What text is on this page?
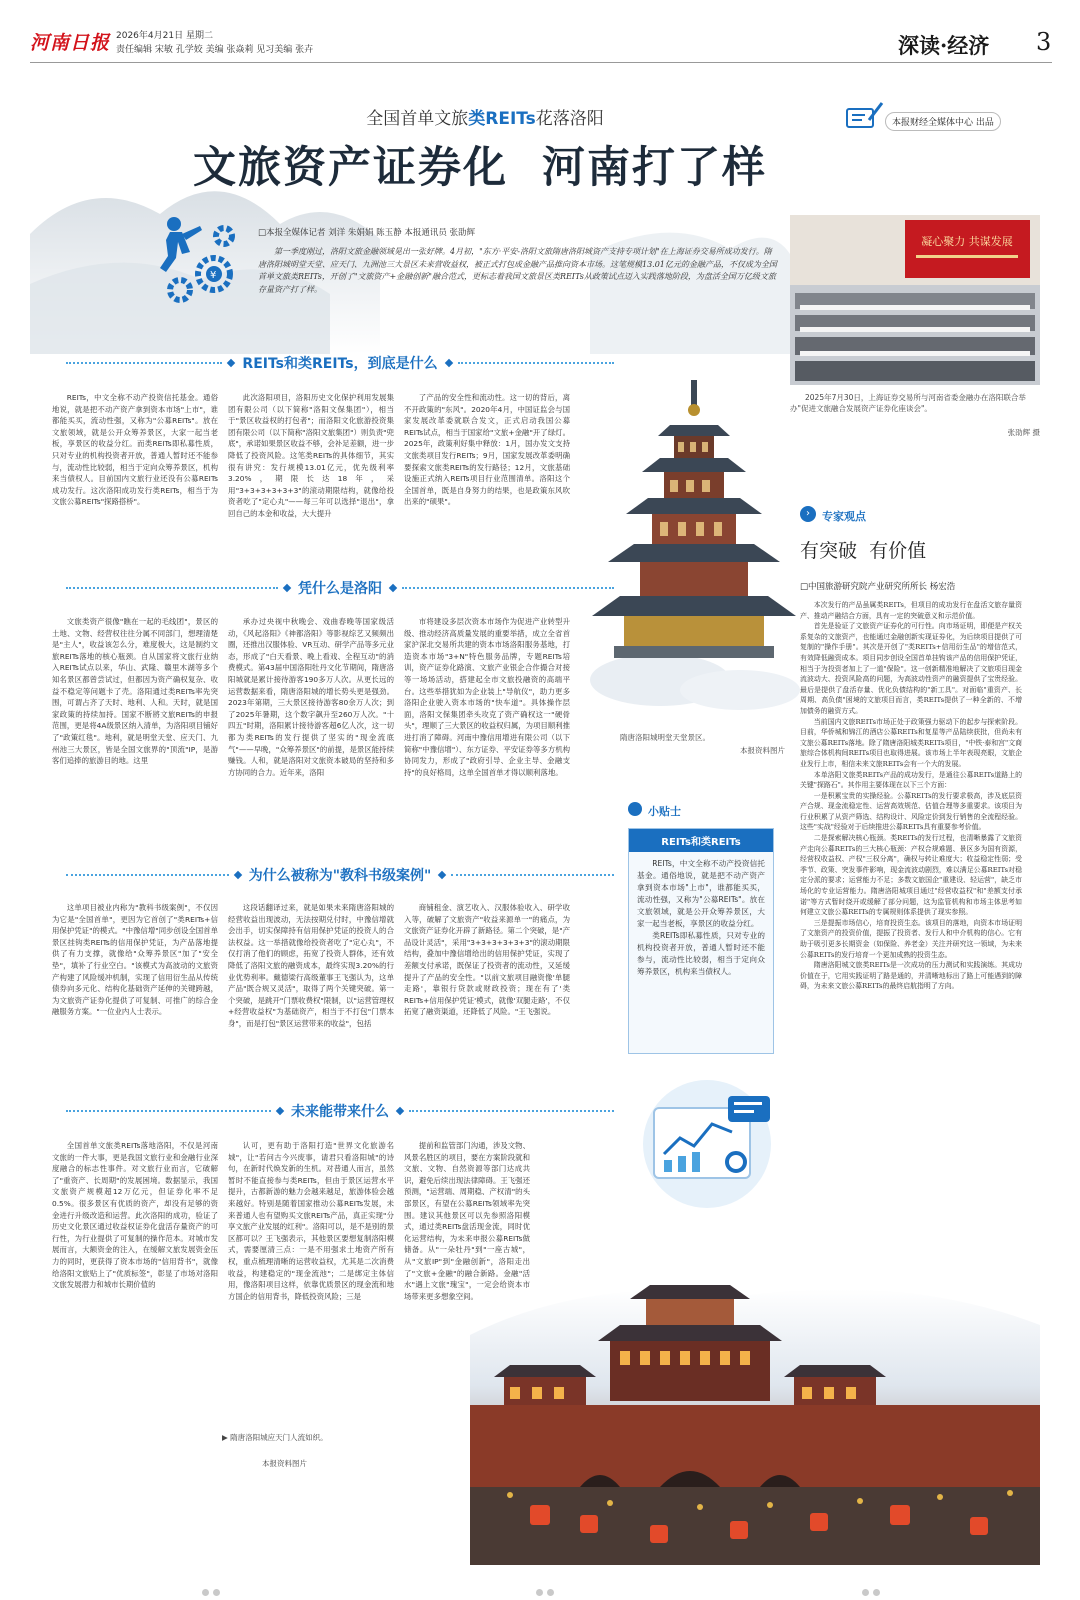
河南日报 2026年4月21日 星期二
责任编辑 宋敏 孔学姣 美编 张焱莉 见习美编 张卉	深读·经济 3
全国首单文旅类REITs花落洛阳
文旅资产证券化  河南打了样
本报财经全媒体中心 出品
¥
□本报全媒体记者 刘洋 朱娟娟 陈玉静 本报通讯员 张劭辉
第一季度刚过，洛阳文旅金融领域晃出一张好牌。4月初，"东方·平安-洛阳文旅隋唐洛阳城资产支持专项计划"在上海证券交易所成功发行。隋唐洛阳城明堂天堂、应天门、九洲池三大景区未来营收益权，被正式打包成金融产品推向资本市场。这笔规模13.01亿元的金融产品，不仅成为全国首单文旅类REITs，开创了"文旅资产+金融创新"融合范式，更标志着我国文旅景区类REITs从政策试点迈入实践落地阶段，为盘活全国万亿级文旅存量资产打了样。
凝心聚力 共谋发展
2025年7月30日，上海证券交易所与河南省委金融办在洛阳联合举办"促进文旅融合发展资产证券化座谈会"。
张劭辉 摄
REITs和类REITs，到底是什么

REITs，中文全称不动产投资信托基金。通俗地说，就是把不动产资产拿到资本市场"上市"，谁都能买买，流动性强，又称为"公募REITs"。放在文旅领域，就是公开众筹养景区，大家一起当老板，享景区的收益分红。而类REITs即私募性质，只对专业的机构投资者开放，普通人暂时还不能参与，流动性比较弱，相当于定向众筹养景区，机构来当债权人。目前国内文旅行业还没有公募REITs成功发行。这次洛阳成功发行类REITs，相当于为文旅公募REITs"探路搭桥"。

此次洛阳项目，洛阳历史文化保护利用发展集团有限公司（以下简称"洛阳文保集团"），相当于"景区收益权的打包者"；而洛阳文化旅游投资集团有限公司（以下简称"洛阳文旅集团"）则负责"兜底"，承诺如果景区收益不够，会补足差额，进一步降低了投资风险。这笔类REITs的具体细节，其实很有讲究：发行规模13.01亿元，优先级利率3.20%，期限长达18年，采用"3+3+3+3+3+3"的滚动期限结构，就像给投资者吃了"定心丸"——每三年可以选择"退出"，拿回自己的本金和收益，大大提升

了产品的安全性和流动性。这一切的背后，离不开政策的"东风"。2020年4月，中国证监会与国家发展改革委就联合发文，正式启动我国公募REITs试点，相当于国家给"文旅+金融"开了绿灯。2025年，政策利好集中释放：1月，国办发文支持文旅类项目发行REITs；9月，国家发展改革委明确要探索文旅类REITs的发行路径；12月，文旅基础设施正式纳入REITs项目行业范围清单。洛阳这个全国首单，既是自身努力的结果，也是政策东风吹出来的"硕果"。

凭什么是洛阳

文旅类资产很像"瞧在一起的毛线团"，景区的土地、文物、经营权往往分属不同部门，想理清楚是"主人"，收益该怎么分，难度极大，这是制约文旅REITs落地的核心瓶颈。自从国家将文旅行业纳入REITs试点以来，华山、武隆、赣里木湖等多个知名景区都曾尝试过，但都因为资产确权复杂、收益不稳定等问题卡了壳。洛阳通过类REITs率先突围，可谓占齐了天时、地利、人和。天时，就是国家政策的持续加持。国家不断將文旅REITs的申报范围，更是将4A级景区纳入清单，为洛阳项目铺好了"政策红毯"。地利，就是明堂天堂、应天门、九州池三大景区，皆是全国文旅界的"顶流"IP，是游客们追捧的旅游目的地。这里

承办过央视中秋晚会、戏曲春晚等国家级活动，《风起洛阳》《神都洛阳》等影视综艺又频频出圈，还推出汉服体验、VR互动、研学产品等多元业态，形成了"白天看景、晚上看戏、全程互动"的消费模式。第43届中国洛阳牡丹文化节期间，隋唐洛阳城就是累计接待游客190多万人次。从更长远的运营数据来看，隋唐洛阳城的增长势头更是强劲。2023年第期，三大景区接待游客80余万人次；到了2025年暑期，这个数字飙升至260万人次。"十四五"时期，洛阳累计接待游客超6亿人次，这一切都为类REITs的发行提供了坚实的"现金流底气"——早晚，"众筹养景区"的前提，是景区能持续赚钱。人和，就是洛阳对文旅资本破局的坚持和多方协同的合力。近年来，洛阳

市将建设多层次资本市场作为促进产业转型升级、推动经济高质量发展的重要举措，成立全省首家沪深北交易所共建的资本市场洛阳服务基地，打造资本市场"3+N"特色服务品牌，专题REITs培训，资产证券化路演、文旅产业银企合作撮合对接等一场场活动，搭建起全市文旅投融资的高端平台。这些举措犹如为企业装上"导航仪"，助力更多洛阳企业驶入资本市场的"快车道"。具体操作层面，洛阳文保集团牵头攻克了资产确权这一"硬骨头"，理顺了三大景区的收益权归属，为项目顺利推进打消了障碍。河南中豫信用增进有限公司（以下简称"中豫信增"）、东方证券、平安证券等多方机构协同发力，形成了"政府引导、企业主导、金融支持"的良好格局，这单全国首单才得以顺利落地。

隋唐洛阳城明堂天堂景区。
本报资料图片
›	专家观点
有突破  有价值
□中国旅游研究院产业研究所所长 杨宏浩

本次发行的产品虽属类REITs，但项目的成功发行在盘活文旅存量资产、推动产融结合方面，具有一定的突破意义和示范价值。

首先是验证了文旅资产证券化的可行性。向市场证明，即便是产权关系复杂的文旅资产，也能通过金融创新实现证券化，为后续项目提供了可复制的"操作手册"。其次是开创了"类REITs+信用衍生品"的增信范式，有效降低融资成本。项目同步创设全国首单挂钩该产品的信用保护凭证，相当于为投资者加上了一道"保险"。这一创新精准地解决了文旅项目现金流波动大、投资风险高的问题，为高波动性资产的融资提供了宝贵经验。最后是提供了盘活存量、优化负债结构的"新工具"。对面临"重资产、长周期、高负债"困境的文旅项目而言，类REITs提供了一种全新的、不增加债务的融资方式。

当前国内文旅REITs市场正处于政策强力驱动下的起步与探索阶段。目前，华侨城和锦江的酒店公募REITs和复星等产品陆续获批，但尚未有文旅公募REITs落地。除了隋唐洛阳城类REITs项目，"中铁·泰和宫"文商旅综合体机构间REITs项目也取得进展。该市场上半年表现亮眼，文旅企业发行上市，相信未来文旅REITs会有一个大的发展。

本单洛阳文旅类REITs产品的成功发行，是通往公募REITs道路上的关键"探路石"。其作用主要体现在以下三个方面：

一是积累宝贵的实操经验。公募REITs的发行要求极高，涉及底层资产合规、现金流稳定性、运营高效规范、估值合理等多重要求。该项目为行业积累了从资产筛选、结构设计、风险定价到发行销售的全流程经验。这些"实战"经验对于后续推进公募REITs具有重要参考价值。

二是探索解决核心瓶颈。类REITs的发行过程，也清晰暴露了文旅资产走向公募REITs的三大核心瓶颈：产权合规难题、景区多为国有资源，经营权收益权、产权"三权分离"，确权与转让难度大；收益稳定性弱；受季节、政策、突发事件影响，现金流波动剧烈，难以满足公募REITs对稳定分派的要求；运营能力不足；多数文旅国企"重建设、轻运营"，缺乏市场化的专业运营能力。隋唐洛阳城项目通过"经营收益权"和"差额支付承诺"等方式暂时绕开或缓解了部分问题，这为监管机构和市场主体思考如何建立文旅公募REITs的专属规则体系提供了现实参照。

三是提振市场信心，培育投资生态。该项目的落地，向资本市场证明了文旅资产的投资价值，提振了投资者、发行人和中介机构的信心。它有助于吸引更多长期资金（如保险、养老金）关注并研究这一领域，为未来公募REITs的发行培育一个更加成熟的投资生态。

隋唐洛阳城文旅类REITs是一次成功的压力测试和实践演练。其成功价值在于，它用实践证明了路是通的，并清晰地标出了路上可能遇到的障碍，为未来文旅公募REITs的最终启航指明了方向。

小贴士
REITs和类REITs

REITs，中文全称不动产投资信托基金。通俗地说，就是把不动产资产拿到资本市场"上市"，谁都能买买，流动性强，又称为"公募REITs"。放在文旅领域，就是公开众筹养景区，大家一起当老板，享景区的收益分红。

类REITs即私募性质，只对专业的机构投资者开放，普通人暂时还不能参与，流动性比较弱，相当于定向众筹养景区，机构来当债权人。

为什么被称为"教科书级案例"

这单项目被业内称为"教科书级案例"，不仅因为它是"全国首单"，更因为它首创了"类REITs+信用保护凭证"的模式。"中豫信增"同步创设全国首单景区挂钩类REITs的信用保护凭证，为产品落地提供了有力支撑，就像给"众筹养景区"加了"安全垫"，填补了行业空白。"该模式为高波动的文旅资产构建了风险缓冲机制，实现了信用衍生品从传统债券向多元化、结构化基础资产延伸的关键跨越，为文旅资产证券化提供了可复制、可推广的综合金融服务方案。"一位业内人士表示。

这段话翻译过来，就是如果未来隋唐洛阳城的经营收益出现波动，无法按期兑付时，中豫信增就会出手，切实保障持有信用保护凭证的投资人的合法权益。这一举措就像给投资者吃了"定心丸"，不仅打消了他们的顾虑，拓宽了投资人群体，还有效降低了洛阳文旅的融资成本，最终实现3.20%的行业优势利率。戴德梁行高级董事王飞强认为，这单产品"既合规又灵活"，取得了两个关键突破。第一个突破，是跳开"门票收费权"限制，以"运营管理权+经营收益权"为基础资产，相当于不打包"门票本身"，而是打包"景区运营带来的收益"，包括

商铺租金、演艺收入、汉服体验收入、研学收入等，破解了文旅资产"收益来源单一"的痛点，为文旅资产证券化开辟了新路径。第二个突破，是"产品设计灵活"，采用"3+3+3+3+3+3"的滚动期限结构，叠加中豫信增给出的信用保护凭证，实现了差额支付承诺，既保证了投资者的流动性，又延缓提升了产品的安全性。"以前文旅项目融资像'单腿走路'，靠银行贷款或财政投资；现在有了'类REITs+信用保护凭证'模式，就像'双腿走路'，不仅拓宽了融资渠道，还降低了风险。"王飞强说。

未来能带来什么

全国首单文旅类REITs落地洛阳，不仅是河南文旅的一件大事，更是我国文旅行业和金融行业深度融合的标志性事件。对文旅行业而言，它破解了"重资产、长周期"的发展困境。数据显示，我国文旅资产规模超12万亿元，但证券化率不足0.5%。很多景区有优质的资产，却没有足够的资金进行升级改造和运营。此次洛阳的成功，验证了历史文化景区通过收益权证券化盘活存量资产的可行性，为行业提供了可复制的操作范本。对城市发展而言，大额资金的注入，在缓解文旅发展资金压力的同时，更获得了资本市场的"信用背书"，就像给洛阳文旅贴上了"优质标签"，彰显了市场对洛阳文旅发展潜力和城市长期价值的

认可，更有助于洛阳打造"世界文化旅游名城"，让"若问古今兴废事，请君只看洛阳城"的诗句，在新时代焕发新的生机。对普通人而言，虽然暂时不能直接参与类REITs，但由于景区运营水平提升，古都新游的魅力会越来越足，旅游体验会越来越好。特别是随着国家推动公募REITs发展，未来普通人也有望购买文旅REITs产品，真正实现"分享文旅产业发展的红利"。洛阳可以，是不是别的景区都可以？王飞强表示，其他景区要想复制洛阳模式，需要厘清三点：一是不用强求土地资产所有权，重点梳理清晰的运营收益权，尤其是二次消费收益，构建稳定的"现金流池"；二是绑定主体信用，像洛阳项目这样，依靠优质景区的现金流和地方国企的信用背书，降低投资风险；三是

提前和监管部门沟通，涉及文物、风景名胜区的项目，要在方案阶段就和文旅、文物、自然资源等部门达成共识，避免后续出现法律障碍。王飞强还预测，"运营端、周期稳、产权清"的头部景区，有望在公募REITs领域率先突围。建议其他景区可以先参照洛阳模式，通过类REITs盘活现金流，同时优化运营结构，为未来申报公募REITs做储备。从"一朵牡丹"到"一座古城"，从"文旅IP"到"金融创新"，洛阳走出了"文旅+金融"的融合新路。金融"活水"遇上文旅"瑰宝"，一定会给资本市场带来更多想象空间。

▶ 隋唐洛阳城应天门人流如织。
本报资料图片
